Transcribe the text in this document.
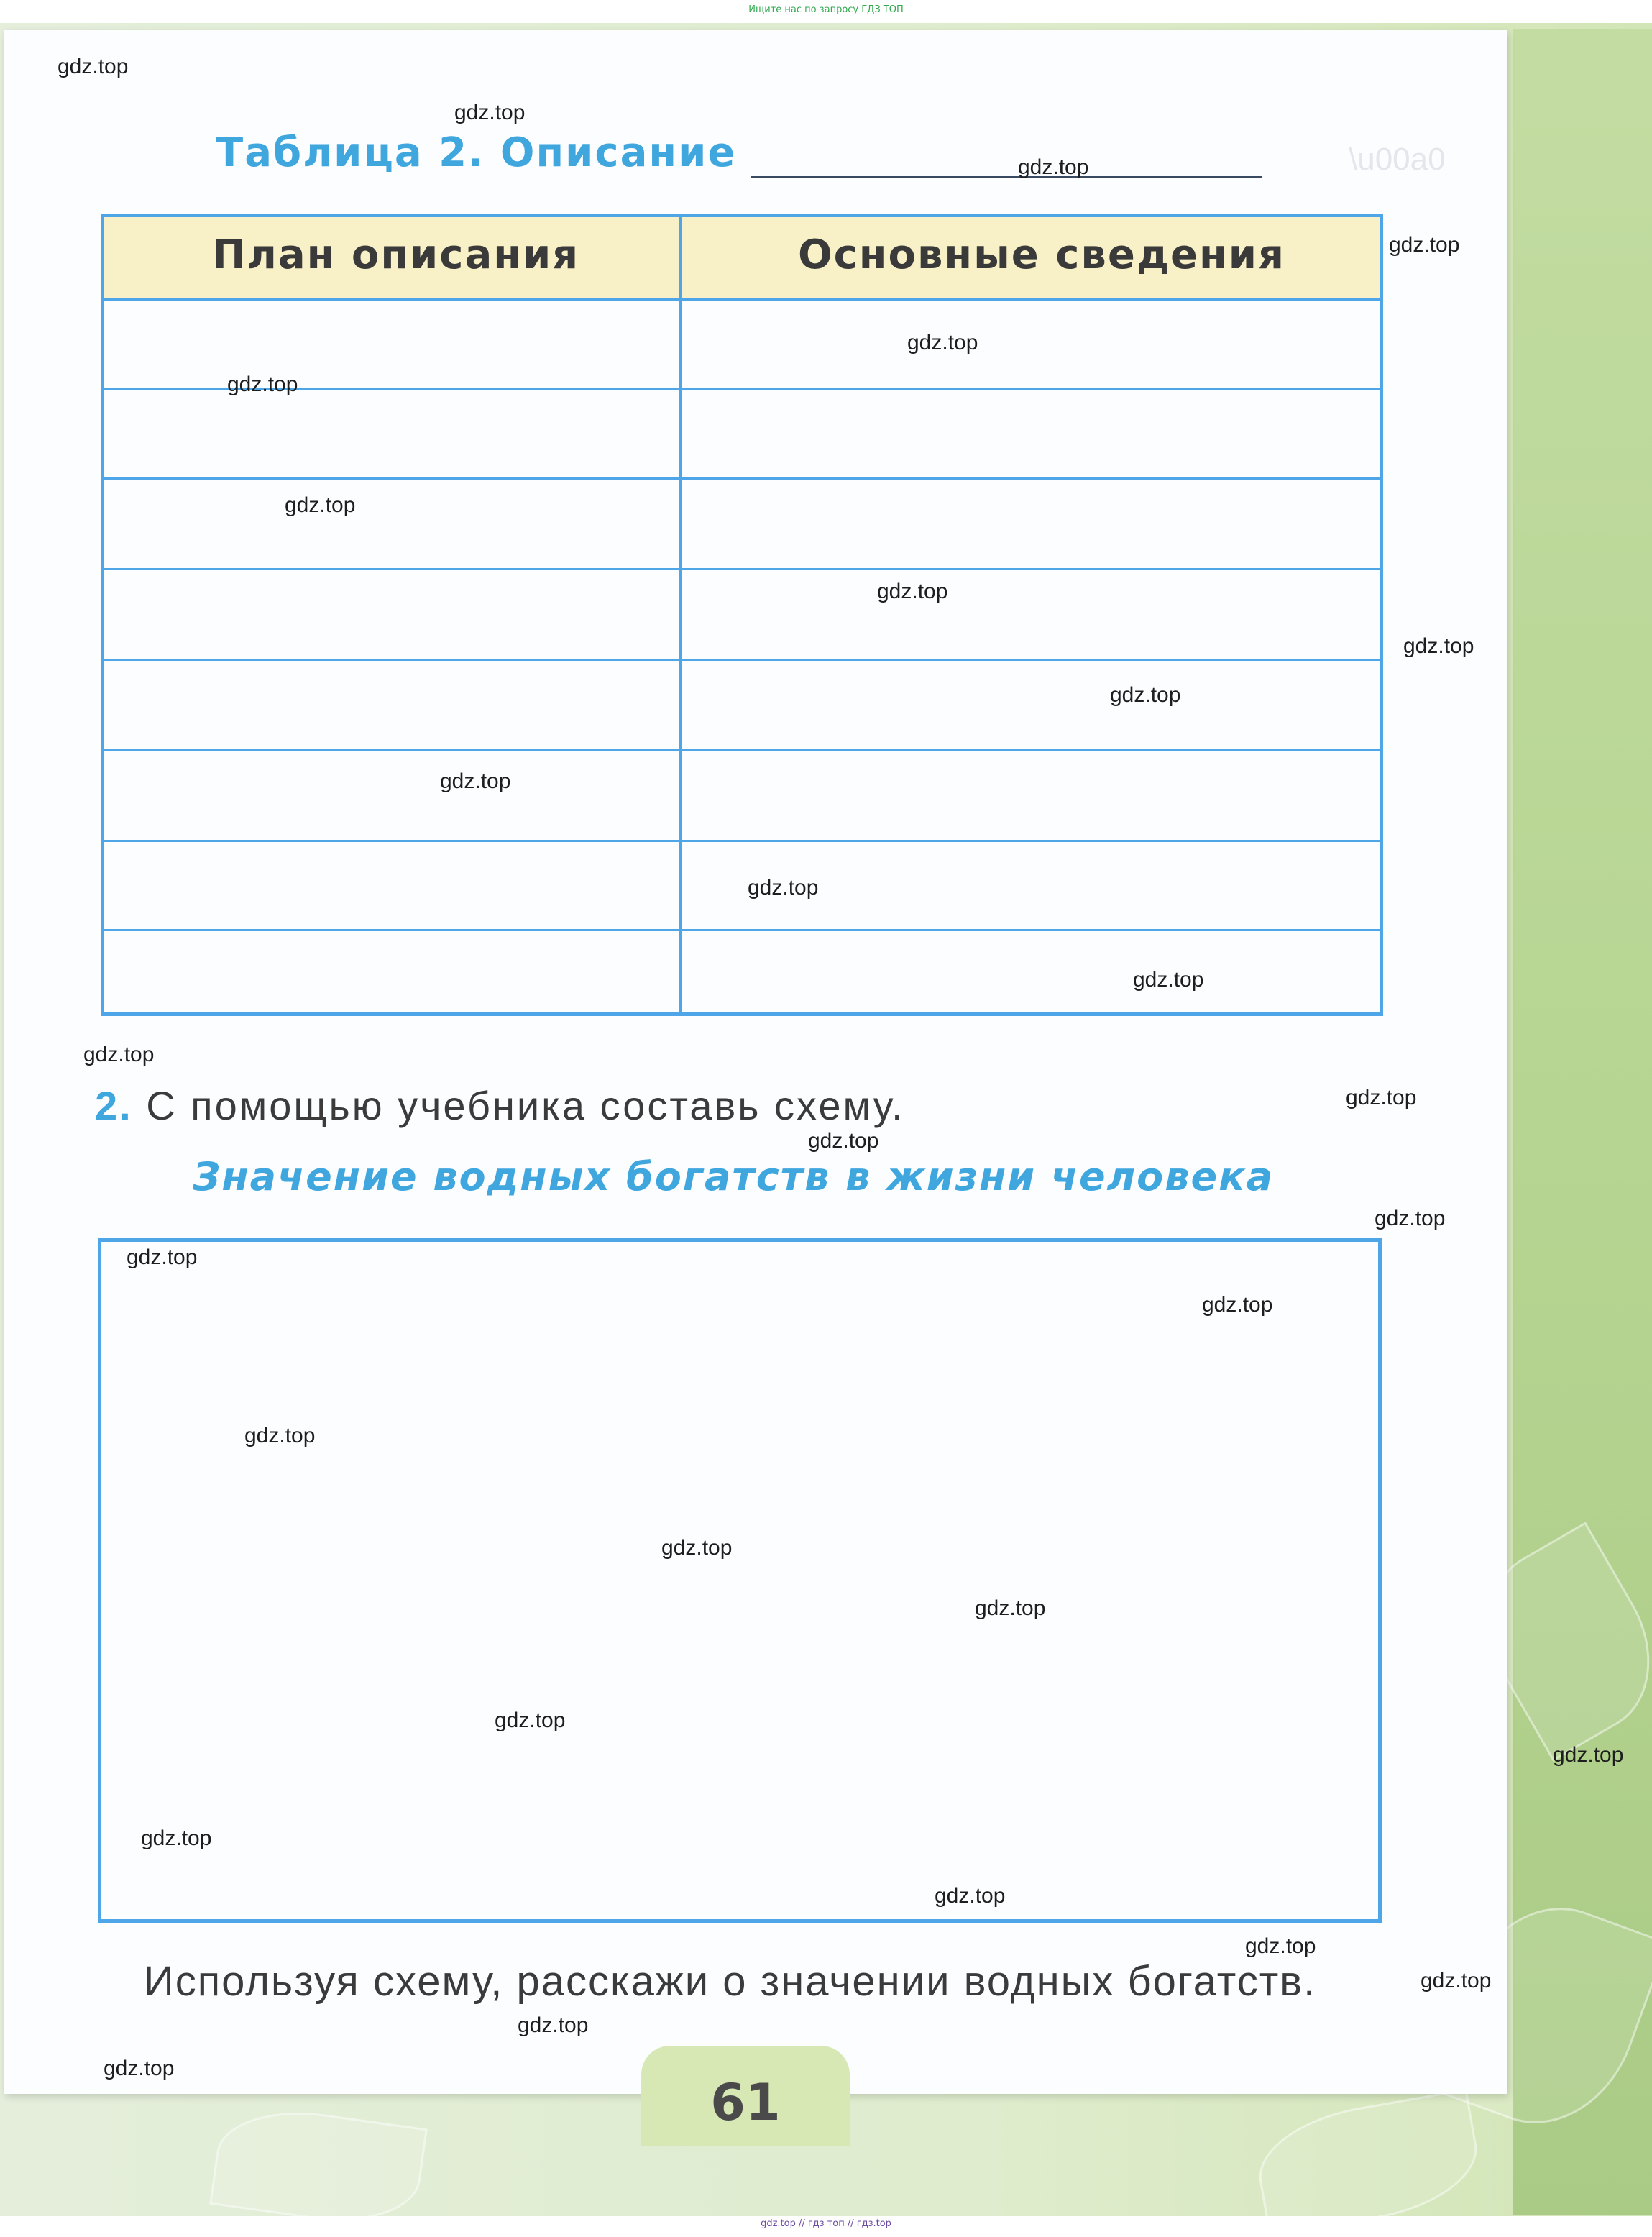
Ищите нас по запросу ГДЗ ТОП
\u00a0
Таблица 2. Описание
План описания	Основные сведения
2. С помощью учебника составь схему.
Значение водных богатств в жизни человека
Используя схему, расскажи о значении водных богатств.
61
gdz.top
gdz.top
gdz.top
gdz.top
gdz.top
gdz.top
gdz.top
gdz.top
gdz.top
gdz.top
gdz.top
gdz.top
gdz.top
gdz.top
gdz.top
gdz.top
gdz.top
gdz.top
gdz.top
gdz.top
gdz.top
gdz.top
gdz.top
gdz.top
gdz.top
gdz.top
gdz.top
gdz.top
gdz.top
gdz.top
gdz.top // гдз топ // гдз.top
